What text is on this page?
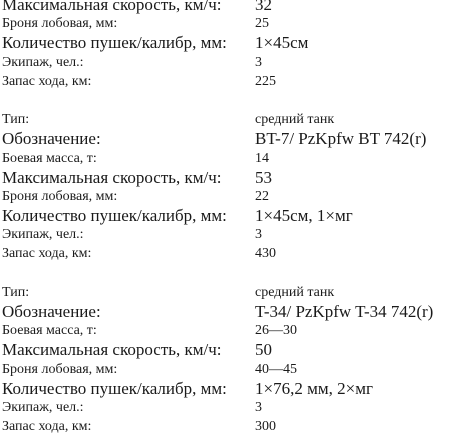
Максимальная скорость, км/ч:	32
Броня лобовая, мм:	25
Количество пушек/калибр, мм:	1×45см
Экипаж, чел.:	3
Запас хода, км:	225
Тип:	средний танк
Обозначение:	BT-7/ PzKpfw BT 742(r)
Боевая масса, т:	14
Максимальная скорость, км/ч:	53
Броня лобовая, мм:	22
Количество пушек/калибр, мм:	1×45см, 1×мг
Экипаж, чел.:	3
Запас хода, км:	430
Тип:	средний танк
Обозначение:	T-34/ PzKpfw T-34 742(r)
Боевая масса, т:	26—30
Максимальная скорость, км/ч:	50
Броня лобовая, мм:	40—45
Количество пушек/калибр, мм:	1×76,2 мм, 2×мг
Экипаж, чел.:	3
Запас хода, км:	300
